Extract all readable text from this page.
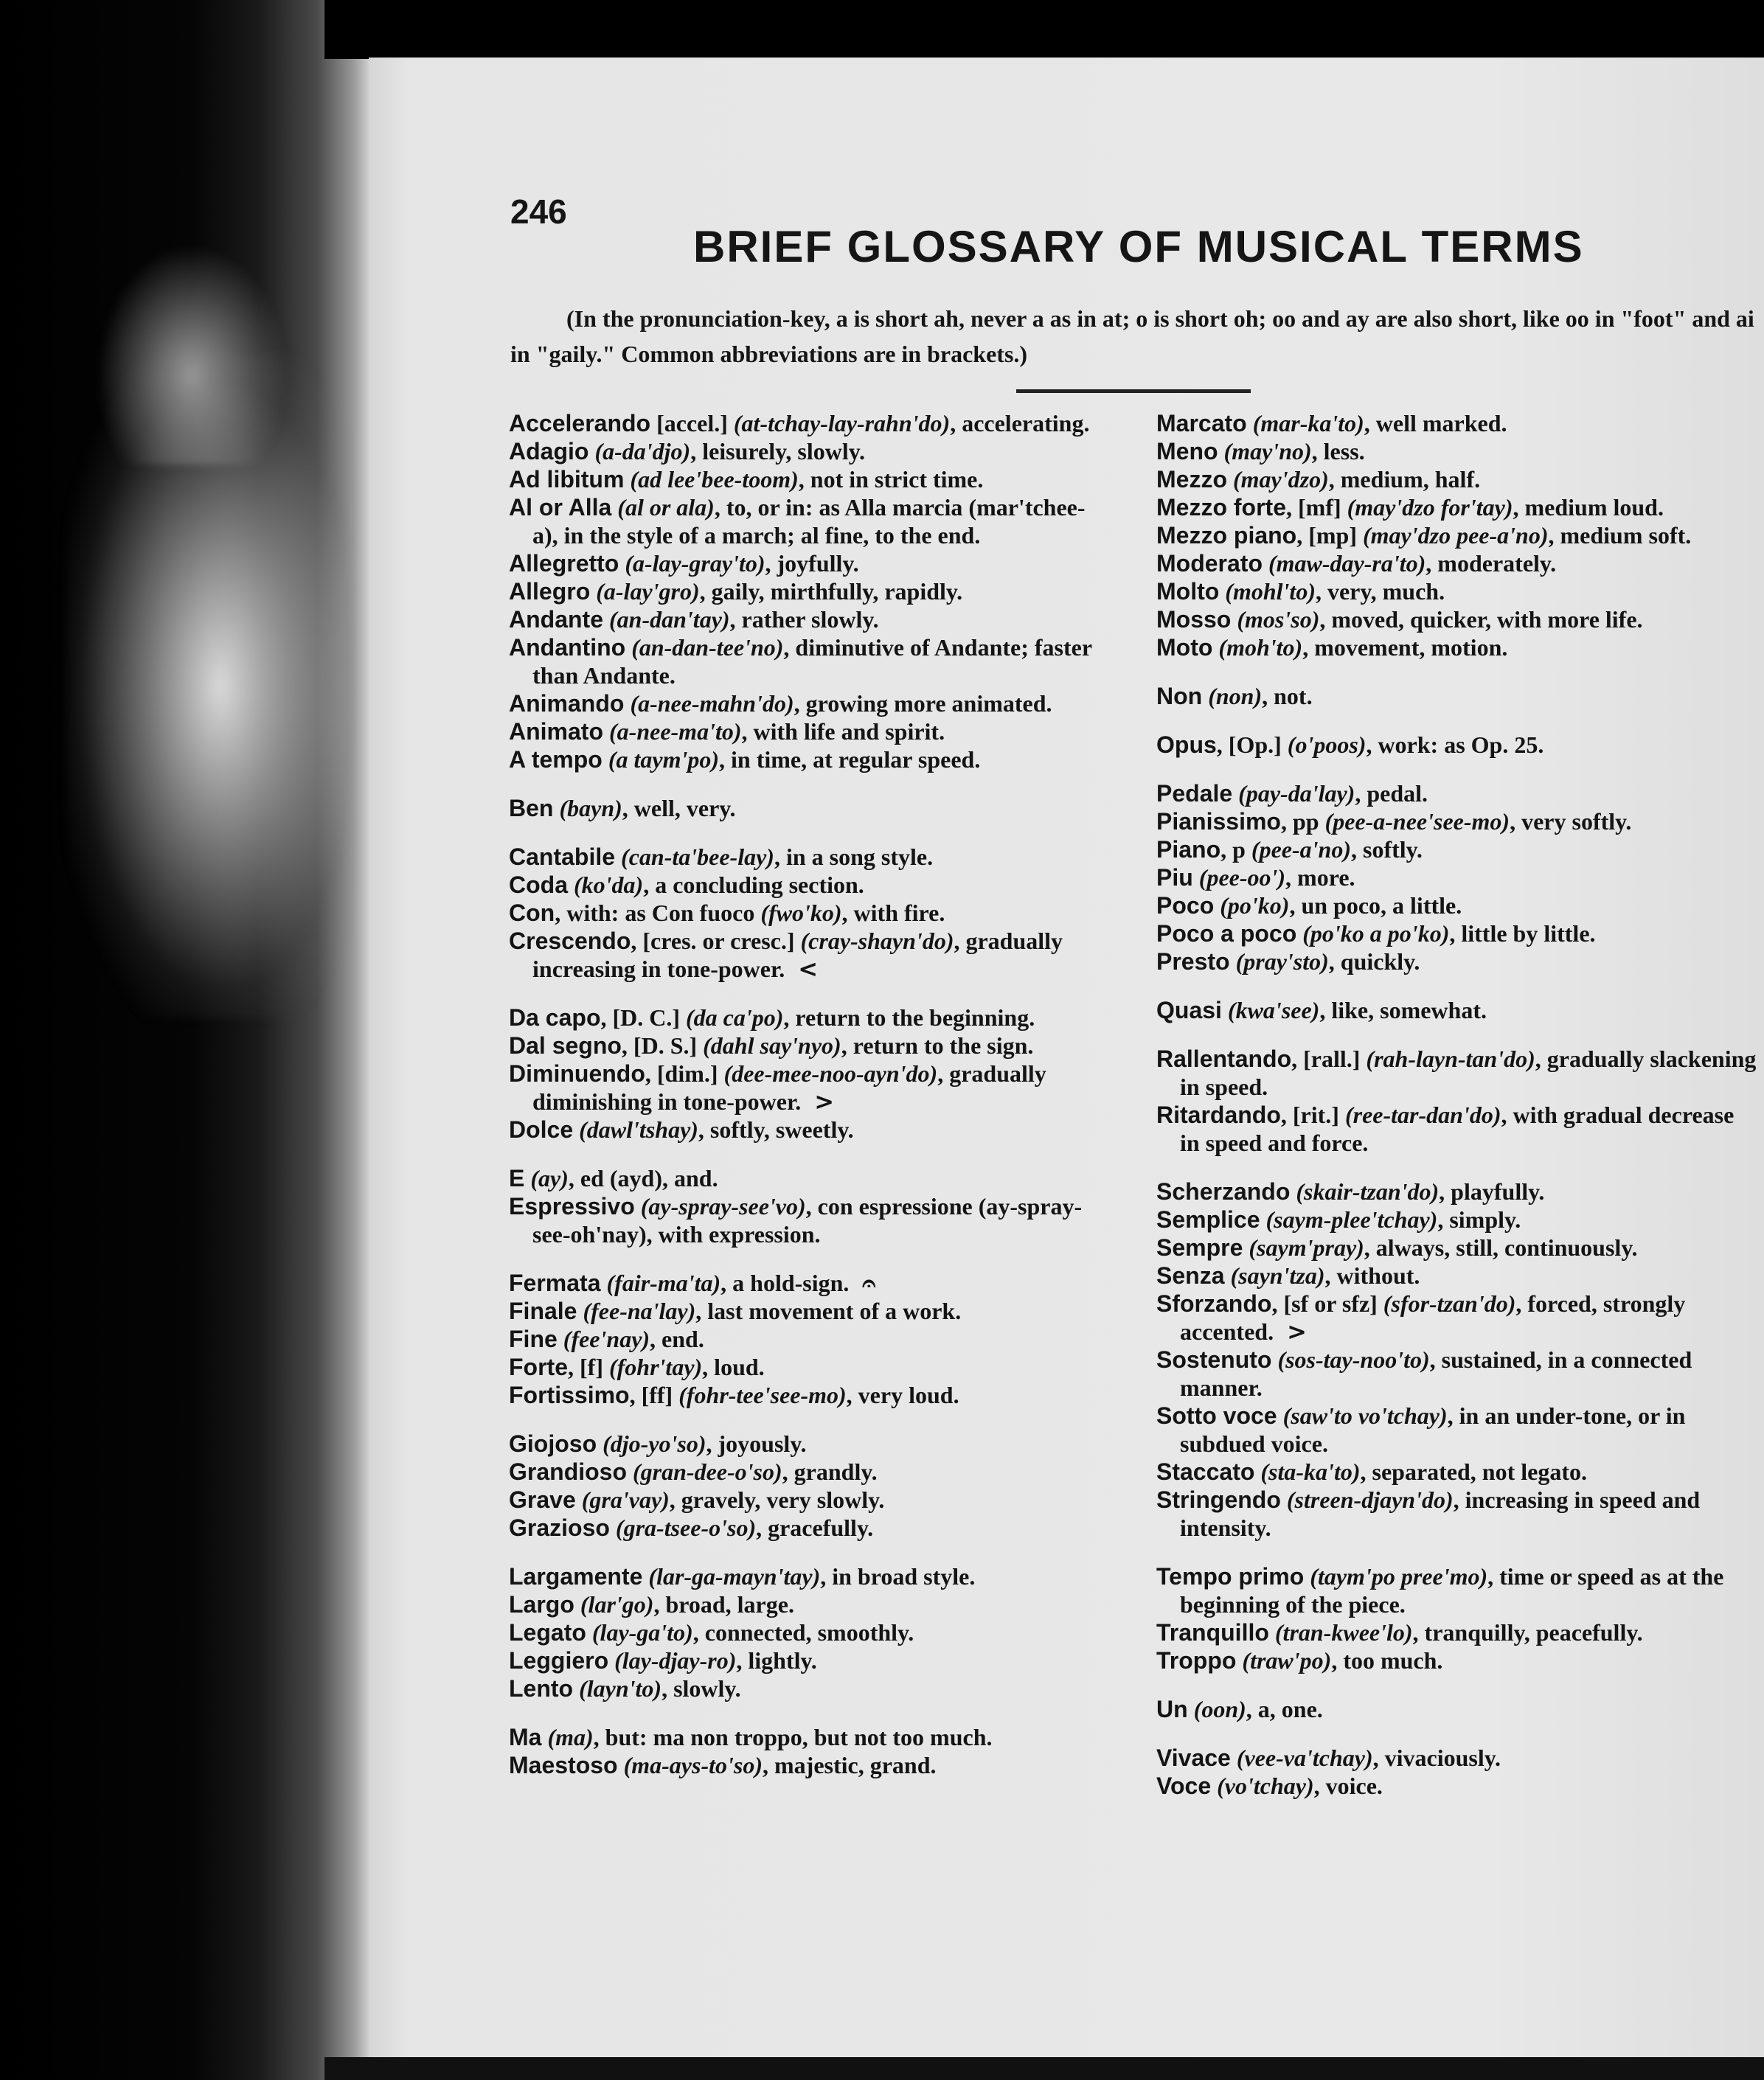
246
BRIEF GLOSSARY OF MUSICAL TERMS
(In the pronunciation-key, a is short ah, never a as in at; o is short oh; oo and ay are also short, like oo in "foot" and ai in "gaily." Common abbreviations are in brackets.)

Accelerando [accel.] (at-tchay-lay-rahn'do), accelerating.

Adagio (a-da'djo), leisurely, slowly.

Ad libitum (ad lee'bee-toom), not in strict time.

Al or Alla (al or ala), to, or in: as Alla marcia (mar'tchee-a), in the style of a march; al fine, to the end.

Allegretto (a-lay-gray'to), joyfully.

Allegro (a-lay'gro), gaily, mirthfully, rapidly.

Andante (an-dan'tay), rather slowly.

Andantino (an-dan-tee'no), diminutive of Andante; faster than Andante.

Animando (a-nee-mahn'do), growing more animated.

Animato (a-nee-ma'to), with life and spirit.

A tempo (a taym'po), in time, at regular speed.

Ben (bayn), well, very.

Cantabile (can-ta'bee-lay), in a song style.

Coda (ko'da), a concluding section.

Con, with: as Con fuoco (fwo'ko), with fire.

Crescendo, [cres. or cresc.] (cray-shayn'do), gradually increasing in tone-power. <

Da capo, [D. C.] (da ca'po), return to the beginning.

Dal segno, [D. S.] (dahl say'nyo), return to the sign.

Diminuendo, [dim.] (dee-mee-noo-ayn'do), gradually diminishing in tone-power. >

Dolce (dawl'tshay), softly, sweetly.

E (ay), ed (ayd), and.

Espressivo (ay-spray-see'vo), con espressione (ay-spray-see-oh'nay), with expression.

Fermata (fair-ma'ta), a hold-sign. 𝄐

Finale (fee-na'lay), last movement of a work.

Fine (fee'nay), end.

Forte, [f] (fohr'tay), loud.

Fortissimo, [ff] (fohr-tee'see-mo), very loud.

Giojoso (djo-yo'so), joyously.

Grandioso (gran-dee-o'so), grandly.

Grave (gra'vay), gravely, very slowly.

Grazioso (gra-tsee-o'so), gracefully.

Largamente (lar-ga-mayn'tay), in broad style.

Largo (lar'go), broad, large.

Legato (lay-ga'to), connected, smoothly.

Leggiero (lay-djay-ro), lightly.

Lento (layn'to), slowly.

Ma (ma), but: ma non troppo, but not too much.

Maestoso (ma-ays-to'so), majestic, grand.

Marcato (mar-ka'to), well marked.

Meno (may'no), less.

Mezzo (may'dzo), medium, half.

Mezzo forte, [mf] (may'dzo for'tay), medium loud.

Mezzo piano, [mp] (may'dzo pee-a'no), medium soft.

Moderato (maw-day-ra'to), moderately.

Molto (mohl'to), very, much.

Mosso (mos'so), moved, quicker, with more life.

Moto (moh'to), movement, motion.

Non (non), not.

Opus, [Op.] (o'poos), work: as Op. 25.

Pedale (pay-da'lay), pedal.

Pianissimo, pp (pee-a-nee'see-mo), very softly.

Piano, p (pee-a'no), softly.

Piu (pee-oo'), more.

Poco (po'ko), un poco, a little.

Poco a poco (po'ko a po'ko), little by little.

Presto (pray'sto), quickly.

Quasi (kwa'see), like, somewhat.

Rallentando, [rall.] (rah-layn-tan'do), gradually slackening in speed.

Ritardando, [rit.] (ree-tar-dan'do), with gradual decrease in speed and force.

Scherzando (skair-tzan'do), playfully.

Semplice (saym-plee'tchay), simply.

Sempre (saym'pray), always, still, continuously.

Senza (sayn'tza), without.

Sforzando, [sf or sfz] (sfor-tzan'do), forced, strongly accented. >

Sostenuto (sos-tay-noo'to), sustained, in a connected manner.

Sotto voce (saw'to vo'tchay), in an under-tone, or in subdued voice.

Staccato (sta-ka'to), separated, not legato.

Stringendo (streen-djayn'do), increasing in speed and intensity.

Tempo primo (taym'po pree'mo), time or speed as at the beginning of the piece.

Tranquillo (tran-kwee'lo), tranquilly, peacefully.

Troppo (traw'po), too much.

Un (oon), a, one.

Vivace (vee-va'tchay), vivaciously.

Voce (vo'tchay), voice.
